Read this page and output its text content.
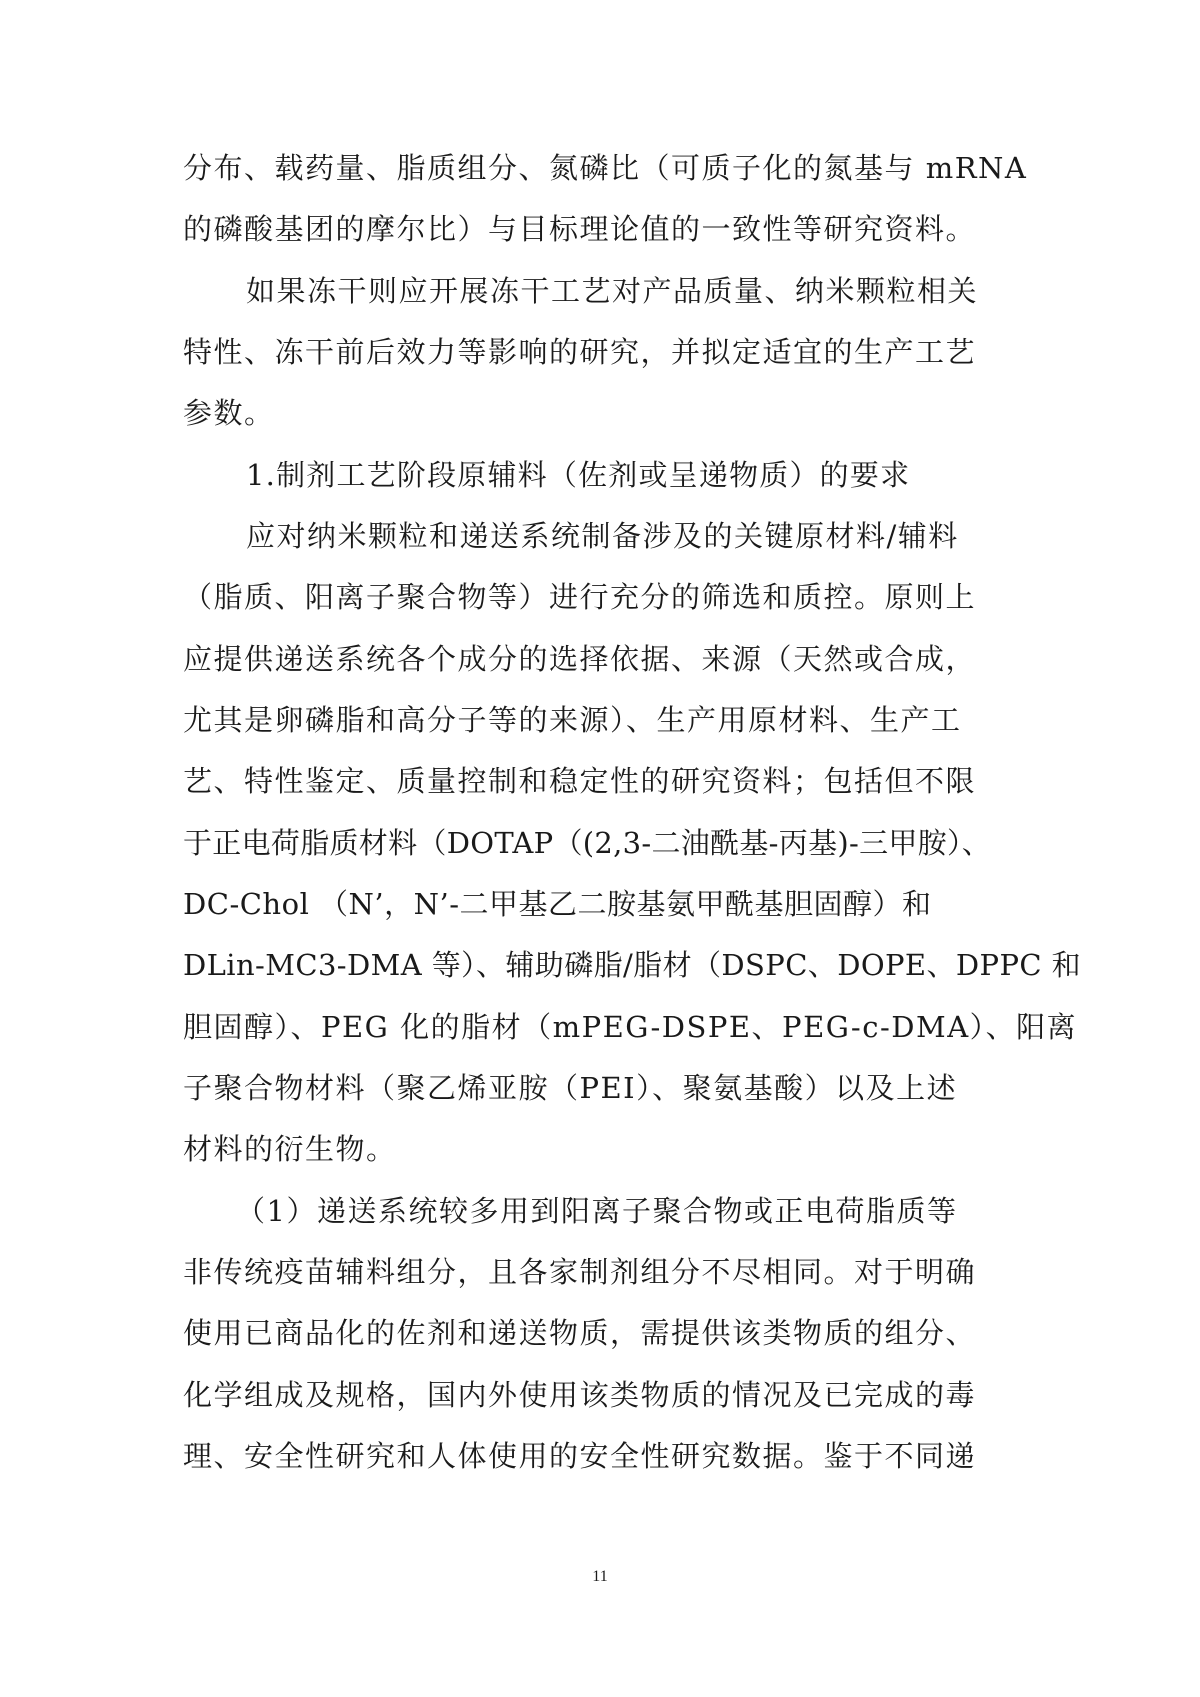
分布、载药量、脂质组分、氮磷比（可质子化的氮基与 mRNA
的磷酸基团的摩尔比）与目标理论值的一致性等研究资料。
如果冻干则应开展冻干工艺对产品质量、纳米颗粒相关
特性、冻干前后效力等影响的研究，并拟定适宜的生产工艺
参数。
1.制剂工艺阶段原辅料（佐剂或呈递物质）的要求
应对纳米颗粒和递送系统制备涉及的关键原材料/辅料
（脂质、阳离子聚合物等）进行充分的筛选和质控。原则上
应提供递送系统各个成分的选择依据、来源（天然或合成，
尤其是卵磷脂和高分子等的来源）、生产用原材料、生产工
艺、特性鉴定、质量控制和稳定性的研究资料；包括但不限
于正电荷脂质材料（DOTAP（(2,3-二油酰基-丙基)-三甲胺）、
DC-Chol （N’，N’-二甲基乙二胺基氨甲酰基胆固醇）和
DLin-MC3-DMA 等）、辅助磷脂/脂材（DSPC、DOPE、DPPC 和
胆固醇）、PEG 化的脂材（mPEG-DSPE、PEG-c-DMA）、阳离
子聚合物材料（聚乙烯亚胺（PEI）、聚氨基酸）以及上述
材料的衍生物。
（1）递送系统较多用到阳离子聚合物或正电荷脂质等
非传统疫苗辅料组分，且各家制剂组分不尽相同。对于明确
使用已商品化的佐剂和递送物质，需提供该类物质的组分、
化学组成及规格，国内外使用该类物质的情况及已完成的毒
理、安全性研究和人体使用的安全性研究数据。鉴于不同递
11
